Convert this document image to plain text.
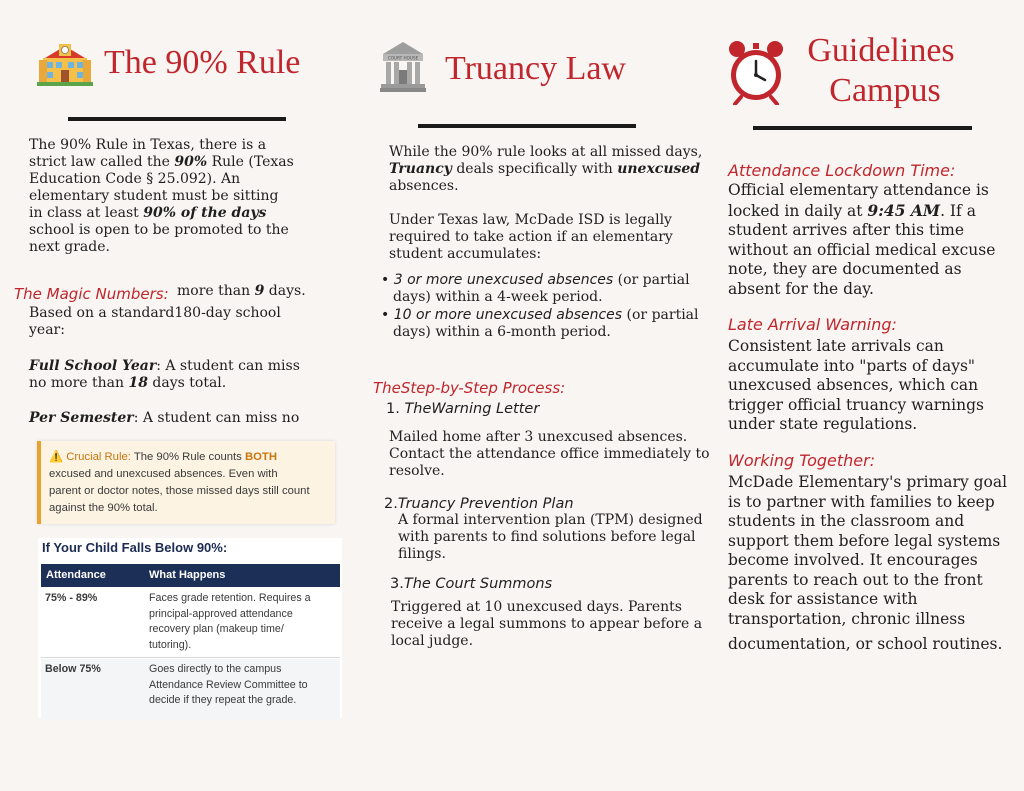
The 90% Rule
The 90% Rule in Texas, there is a
strict law called the 90% Rule (Texas
Education Code § 25.092). An
elementary student must be sitting
in class at least 90% of the days
school is open to be promoted to the
next grade.
The Magic Numbers: more than 9 days.
Based on a standard180-day school
year:
Full School Year: A student can miss
no more than 18 days total.
Per Semester: A student can miss no
⚠️ Crucial Rule: The 90% Rule counts BOTH
excused and unexcused absences. Even with
parent or doctor notes, those missed days still count
against the 90% total.
If Your Child Falls Below 90%:
Attendance	What Happens
75% - 89%	Faces grade retention. Requires a
principal-approved attendance
recovery plan (makeup time/
tutoring).
Below 75%	Goes directly to the campus
Attendance Review Committee to
decide if they repeat the grade.
COURT HOUSE Truancy Law
While the 90% rule looks at all missed days,
Truancy deals specifically with unexcused
absences.
Under Texas law, McDade ISD is legally
required to take action if an elementary
student accumulates:
• 3 or more unexcused absences (or partial
days) within a 4-week period.
• 10 or more unexcused absences (or partial
days) within a 6-month period.
TheStep-by-Step Process:
1. TheWarning Letter
Mailed home after 3 unexcused absences.
Contact the attendance office immediately to
resolve.
2.Truancy Prevention Plan
A formal intervention plan (TPM) designed
with parents to find solutions before legal
filings.
3.The Court Summons
Triggered at 10 unexcused days. Parents
receive a legal summons to appear before a
local judge.
Guidelines
Campus
Attendance Lockdown Time:
Official elementary attendance is
locked in daily at 9:45 AM. If a
student arrives after this time
without an official medical excuse
note, they are documented as
absent for the day.
Late Arrival Warning:
Consistent late arrivals can
accumulate into "parts of days"
unexcused absences, which can
trigger official truancy warnings
under state regulations.
Working Together:
McDade Elementary's primary goal
is to partner with families to keep
students in the classroom and
support them before legal systems
become involved. It encourages
parents to reach out to the front
desk for assistance with
transportation, chronic illness
documentation, or school routines.
